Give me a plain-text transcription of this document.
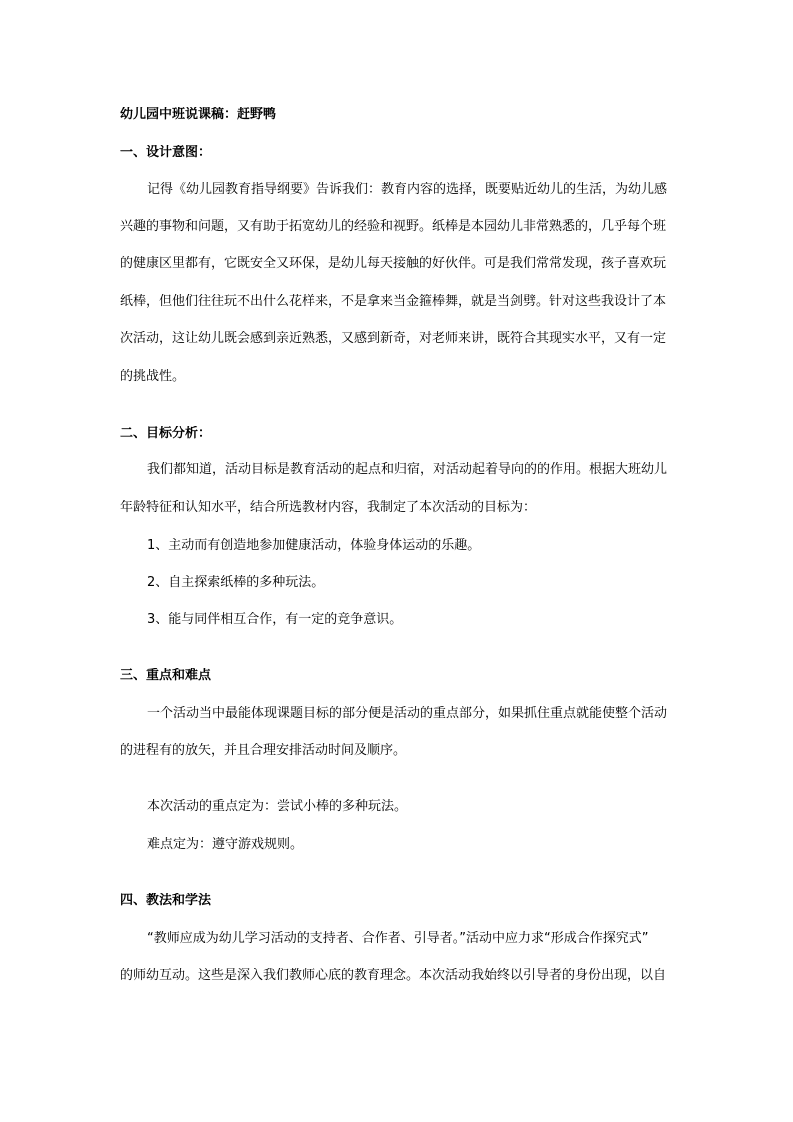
幼儿园中班说课稿：赶野鸭
一、设计意图：
记得《幼儿园教育指导纲要》告诉我们：教育内容的选择，既要贴近幼儿的生活，为幼儿感
兴趣的事物和问题，又有助于拓宽幼儿的经验和视野。纸棒是本园幼儿非常熟悉的，几乎每个班
的健康区里都有，它既安全又环保，是幼儿每天接触的好伙伴。可是我们常常发现，孩子喜欢玩
纸棒，但他们往往玩不出什么花样来，不是拿来当金箍棒舞，就是当剑劈。针对这些我设计了本
次活动，这让幼儿既会感到亲近熟悉，又感到新奇，对老师来讲，既符合其现实水平，又有一定
的挑战性。
二、目标分析：
我们都知道，活动目标是教育活动的起点和归宿，对活动起着导向的的作用。根据大班幼儿
年龄特征和认知水平，结合所选教材内容，我制定了本次活动的目标为：
1、主动而有创造地参加健康活动，体验身体运动的乐趣。
2、自主探索纸棒的多种玩法。
3、能与同伴相互合作，有一定的竞争意识。
三、重点和难点
一个活动当中最能体现课题目标的部分便是活动的重点部分，如果抓住重点就能使整个活动
的进程有的放矢，并且合理安排活动时间及顺序。
本次活动的重点定为：尝试小棒的多种玩法。
难点定为：遵守游戏规则。
四、教法和学法
“教师应成为幼儿学习活动的支持者、合作者、引导者。”活动中应力求“形成合作探究式”
的师幼互动。这些是深入我们教师心底的教育理念。本次活动我始终以引导者的身份出现，以自
